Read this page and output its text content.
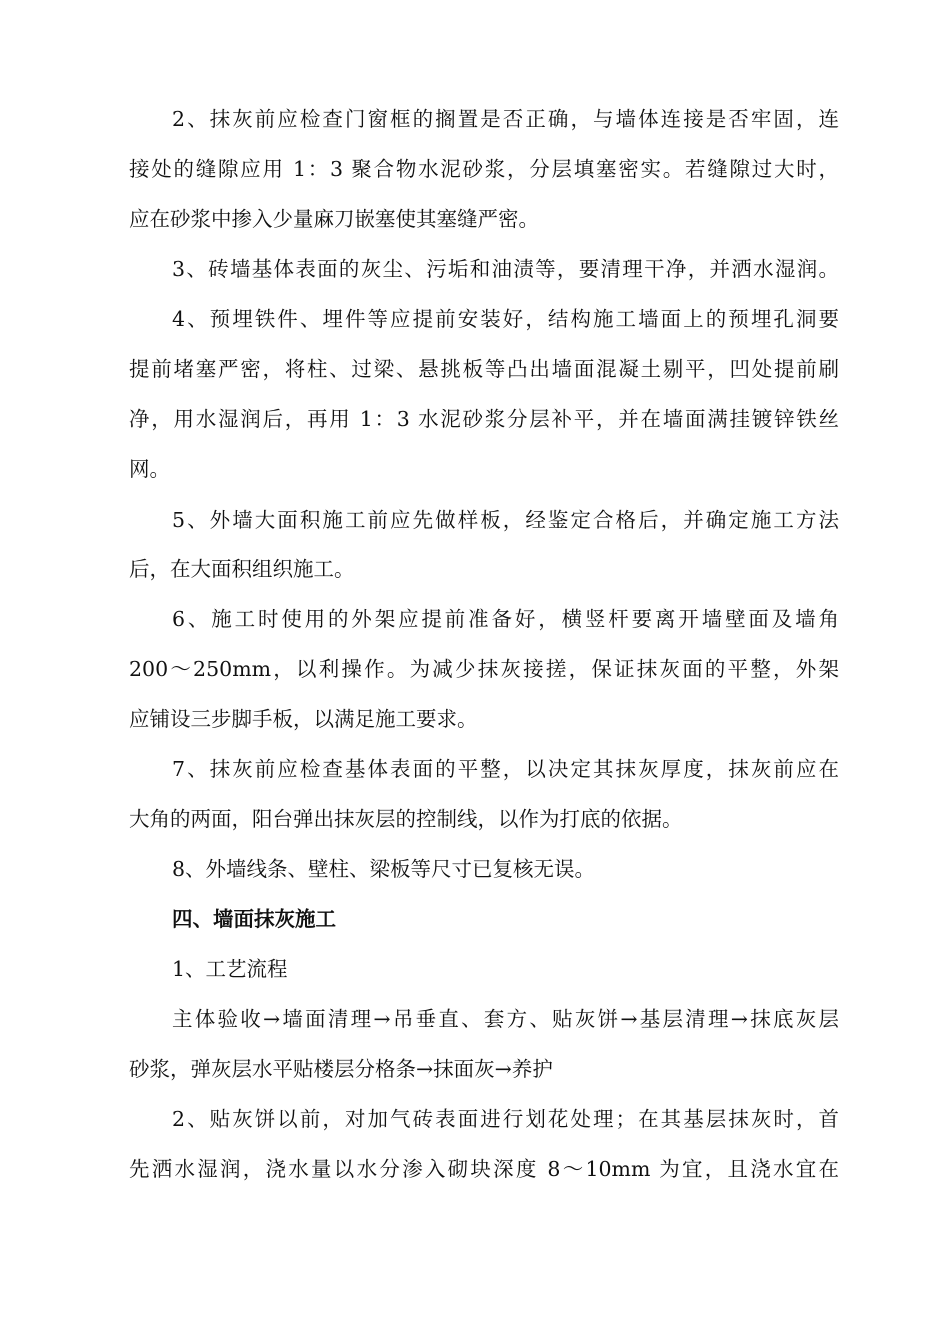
2、抹灰前应检查门窗框的搁置是否正确，与墙体连接是否牢固，连
接处的缝隙应用 1：3 聚合物水泥砂浆，分层填塞密实。若缝隙过大时，
应在砂浆中掺入少量麻刀嵌塞使其塞缝严密。
3、砖墙基体表面的灰尘、污垢和油渍等，要清理干净，并洒水湿润。
4、预埋铁件、埋件等应提前安装好，结构施工墙面上的预埋孔洞要
提前堵塞严密，将柱、过梁、悬挑板等凸出墙面混凝土剔平，凹处提前刷
净，用水湿润后，再用 1：3 水泥砂浆分层补平，并在墙面满挂镀锌铁丝
网。
5、外墙大面积施工前应先做样板，经鉴定合格后，并确定施工方法
后，在大面积组织施工。
6、施工时使用的外架应提前准备好，横竖杆要离开墙壁面及墙角
200～250mm，以利操作。为减少抹灰接搓，保证抹灰面的平整，外架
应铺设三步脚手板，以满足施工要求。
7、抹灰前应检查基体表面的平整，以决定其抹灰厚度，抹灰前应在
大角的两面，阳台弹出抹灰层的控制线，以作为打底的依据。
8、外墙线条、壁柱、梁板等尺寸已复核无误。
四、墙面抹灰施工
1、工艺流程
主体验收→墙面清理→吊垂直、套方、贴灰饼→基层清理→抹底灰层
砂浆，弹灰层水平贴楼层分格条→抹面灰→养护
2、贴灰饼以前，对加气砖表面进行划花处理；在其基层抹灰时，首
先洒水湿润，浇水量以水分渗入砌块深度 8～10mm 为宜，且浇水宜在
